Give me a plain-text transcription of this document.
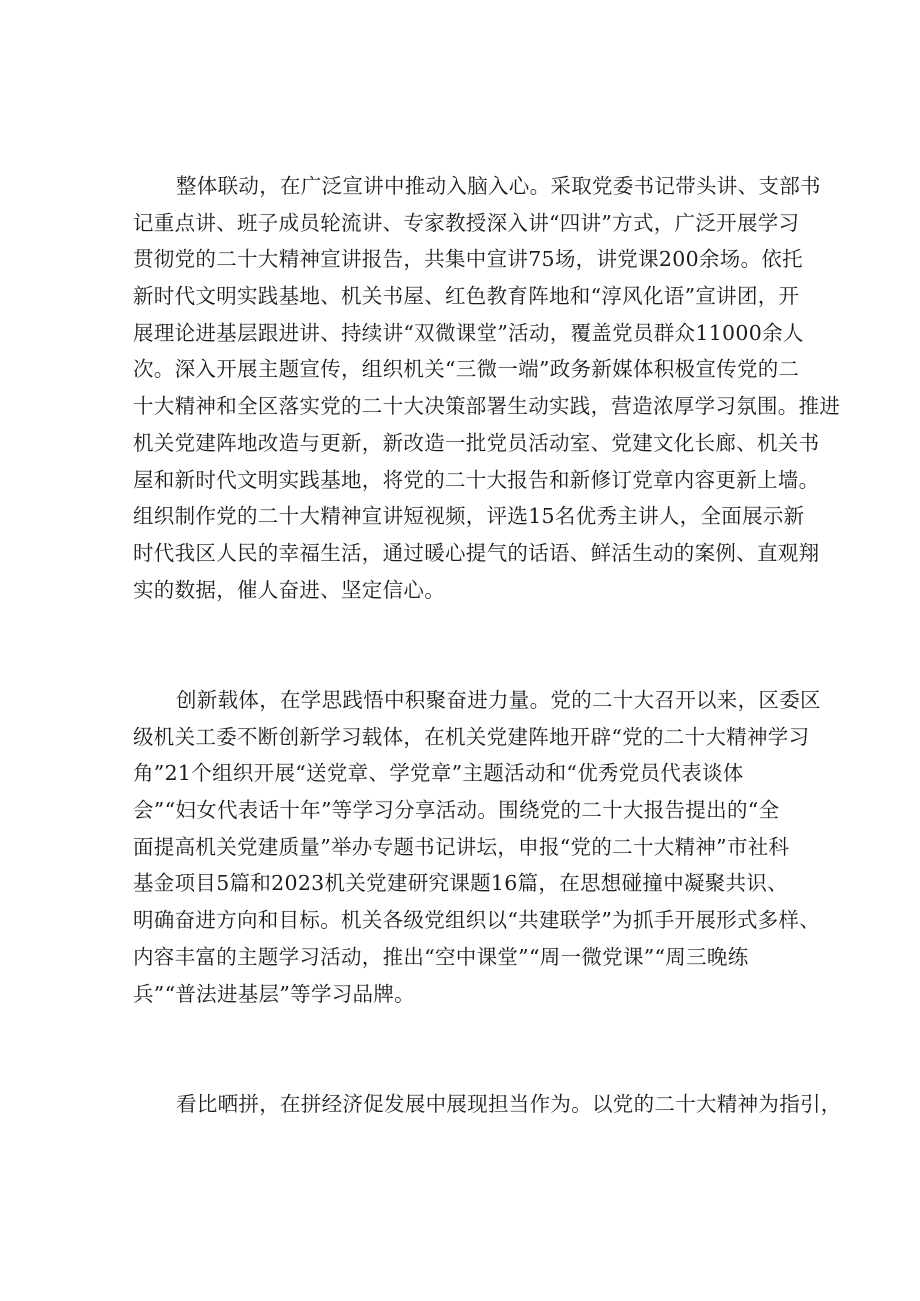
整体联动，在广泛宣讲中推动入脑入心。采取党委书记带头讲、支部书
记重点讲、班子成员轮流讲、专家教授深入讲“四讲”方式，广泛开展学习
贯彻党的二十大精神宣讲报告，共集中宣讲75场，讲党课200余场。依托
新时代文明实践基地、机关书屋、红色教育阵地和“淳风化语”宣讲团，开
展理论进基层跟进讲、持续讲“双微课堂”活动，覆盖党员群众11000余人
次。深入开展主题宣传，组织机关“三微一端”政务新媒体积极宣传党的二
十大精神和全区落实党的二十大决策部署生动实践，营造浓厚学习氛围。推进
机关党建阵地改造与更新，新改造一批党员活动室、党建文化长廊、机关书
屋和新时代文明实践基地，将党的二十大报告和新修订党章内容更新上墙。
组织制作党的二十大精神宣讲短视频，评选15名优秀主讲人，全面展示新
时代我区人民的幸福生活，通过暖心提气的话语、鲜活生动的案例、直观翔
实的数据，催人奋进、坚定信心。
创新载体，在学思践悟中积聚奋进力量。党的二十大召开以来，区委区
级机关工委不断创新学习载体，在机关党建阵地开辟“党的二十大精神学习
角”21个组织开展“送党章、学党章”主题活动和“优秀党员代表谈体
会”“妇女代表话十年”等学习分享活动。围绕党的二十大报告提出的“全
面提高机关党建质量”举办专题书记讲坛，申报“党的二十大精神”市社科
基金项目5篇和2023机关党建研究课题16篇，在思想碰撞中凝聚共识、
明确奋进方向和目标。机关各级党组织以“共建联学”为抓手开展形式多样、
内容丰富的主题学习活动，推出“空中课堂”“周一微党课”“周三晚练
兵”“普法进基层”等学习品牌。
看比晒拼，在拼经济促发展中展现担当作为。以党的二十大精神为指引，
